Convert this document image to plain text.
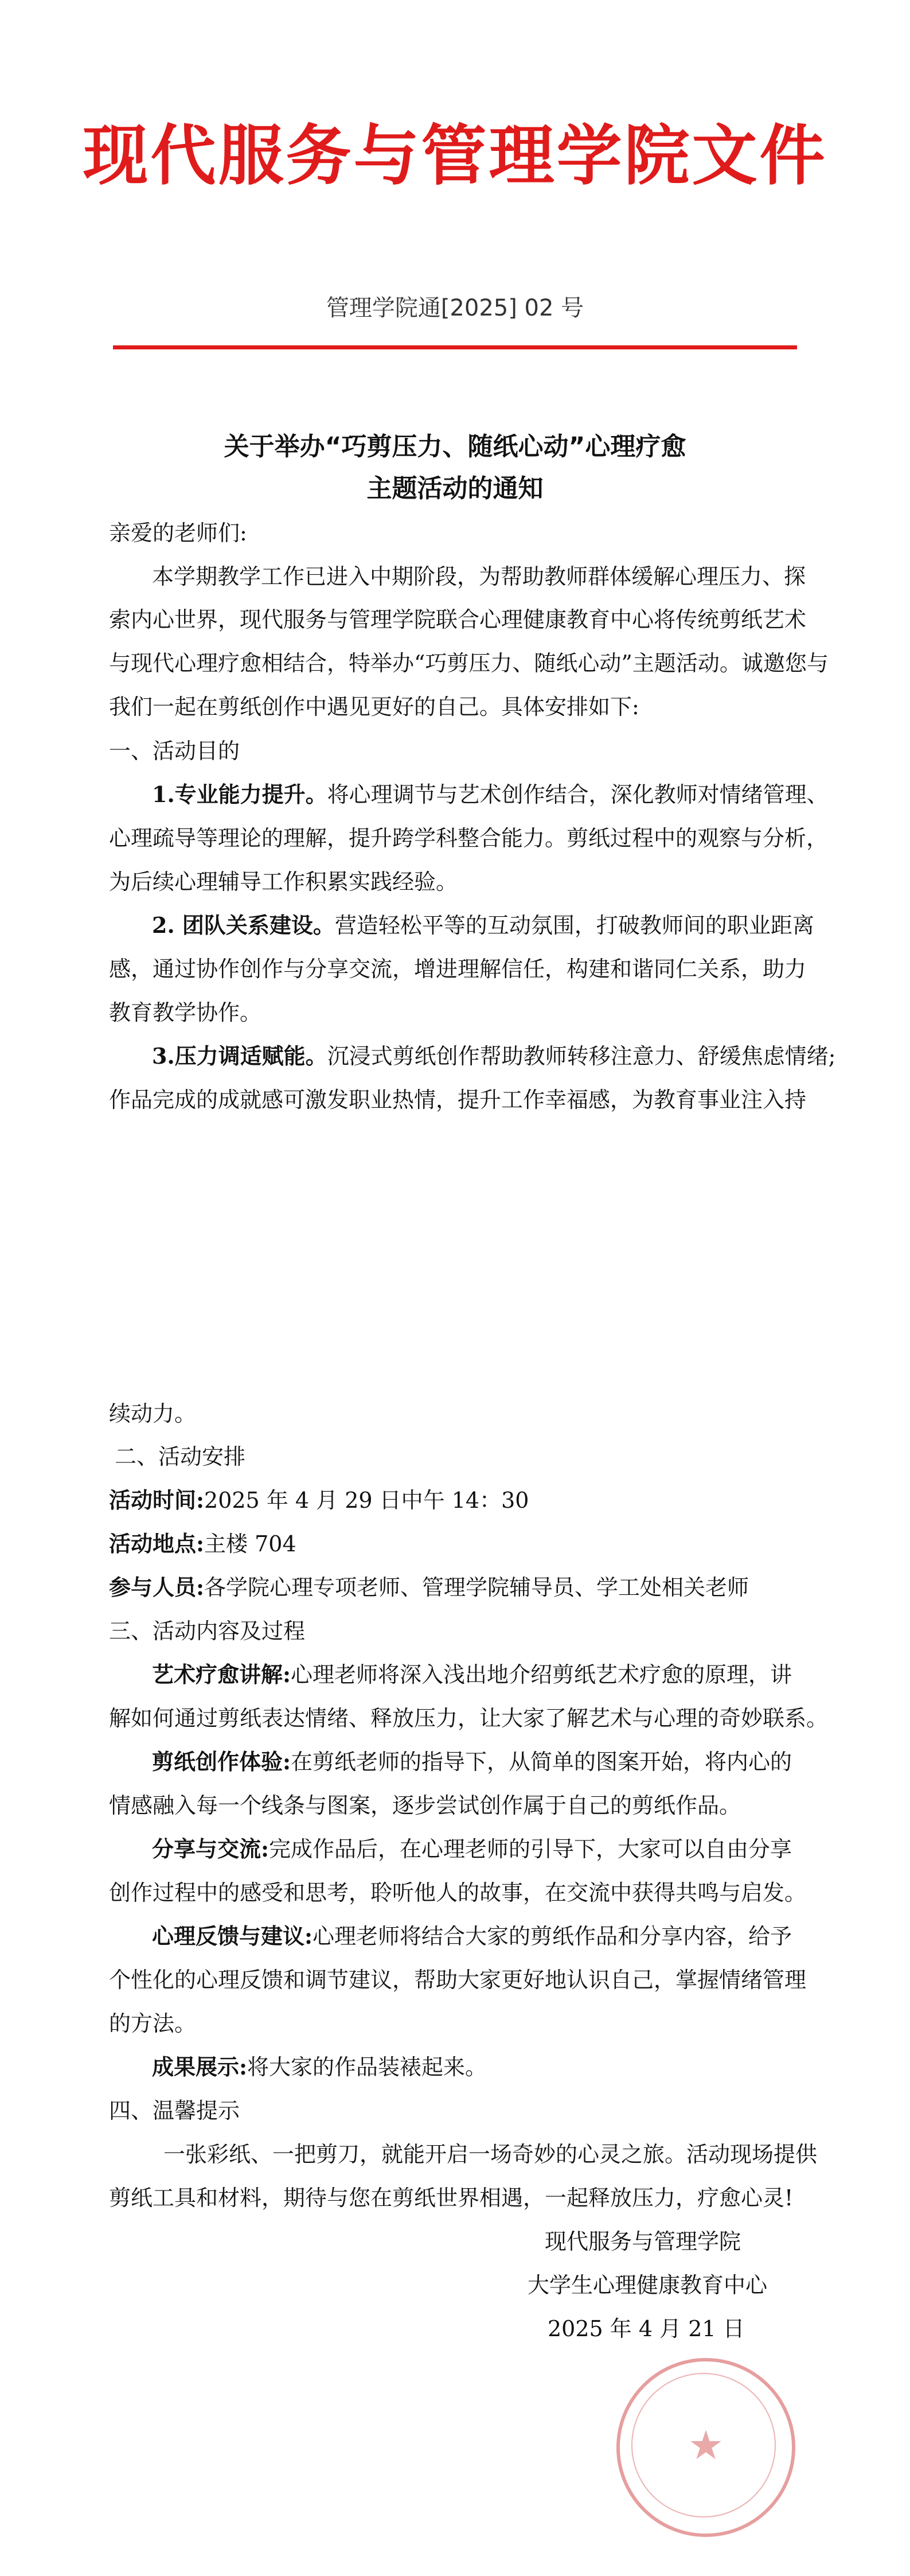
现代服务与管理学院文件
管理学院通[2025] 02 号
关于举办“巧剪压力、随纸心动”心理疗愈
主题活动的通知
亲爱的老师们:
本学期教学工作已进入中期阶段，为帮助教师群体缓解心理压力、探
索内心世界，现代服务与管理学院联合心理健康教育中心将传统剪纸艺术
与现代心理疗愈相结合，特举办“巧剪压力、随纸心动”主题活动。诚邀您与
我们一起在剪纸创作中遇见更好的自己。具体安排如下:
一、活动目的
1.专业能力提升。将心理调节与艺术创作结合，深化教师对情绪管理、
心理疏导等理论的理解，提升跨学科整合能力。剪纸过程中的观察与分析，
为后续心理辅导工作积累实践经验。
2. 团队关系建设。营造轻松平等的互动氛围，打破教师间的职业距离
感，通过协作创作与分享交流，增进理解信任，构建和谐同仁关系，助力
教育教学协作。
3.压力调适赋能。沉浸式剪纸创作帮助教师转移注意力、舒缓焦虑情绪;
作品完成的成就感可激发职业热情，提升工作幸福感，为教育事业注入持
续动力。
二、活动安排
活动时间:2025 年 4 月 29 日中午 14：30
活动地点:主楼 704
参与人员:各学院心理专项老师、管理学院辅导员、学工处相关老师
三、活动内容及过程
艺术疗愈讲解:心理老师将深入浅出地介绍剪纸艺术疗愈的原理，讲
解如何通过剪纸表达情绪、释放压力，让大家了解艺术与心理的奇妙联系。
剪纸创作体验:在剪纸老师的指导下，从简单的图案开始，将内心的
情感融入每一个线条与图案，逐步尝试创作属于自己的剪纸作品。
分享与交流:完成作品后，在心理老师的引导下，大家可以自由分享
创作过程中的感受和思考，聆听他人的故事，在交流中获得共鸣与启发。
心理反馈与建议:心理老师将结合大家的剪纸作品和分享内容，给予
个性化的心理反馈和调节建议，帮助大家更好地认识自己，掌握情绪管理
的方法。
成果展示:将大家的作品装裱起来。
四、温馨提示
一张彩纸、一把剪刀，就能开启一场奇妙的心灵之旅。活动现场提供
剪纸工具和材料，期待与您在剪纸世界相遇，一起释放压力，疗愈心灵!
★
现代服务与管理学院
大学生心理健康教育中心
2025 年 4 月 21 日
